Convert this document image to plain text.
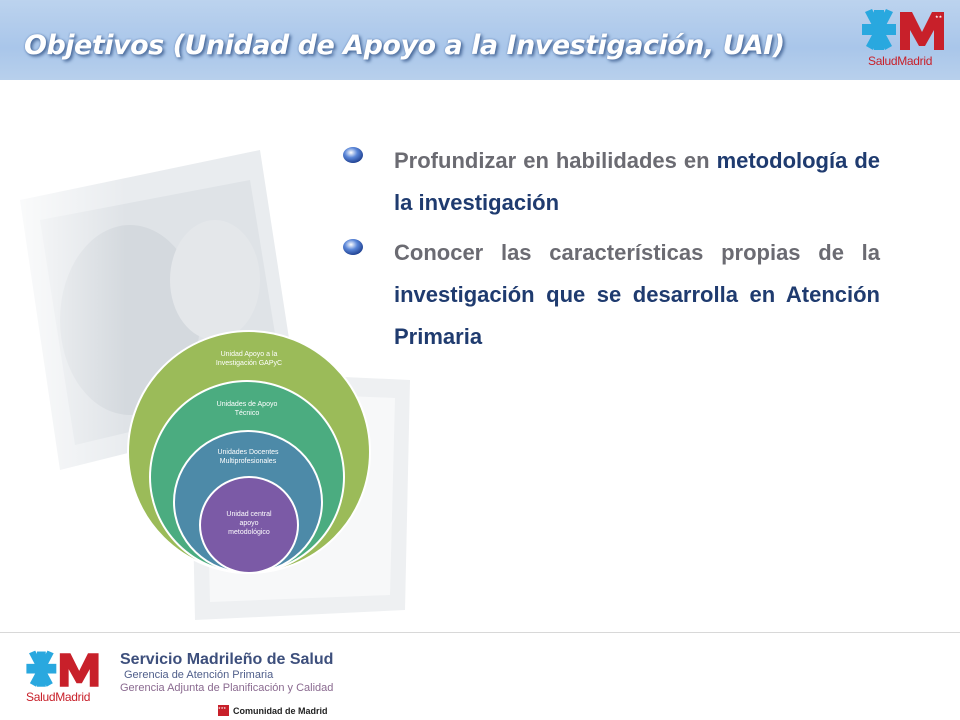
Objetivos (Unidad de Apoyo a la Investigación, UAI)
★★
SaludMadrid
Profundizar en habilidades en metodología de la investigación
Conocer las características propias de la investigación que se desarrolla en Atención Primaria
Unidad Apoyo a la Investigación GAPyC
Unidades de Apoyo Técnico
Unidades Docentes Multiprofesionales
Unidad central apoyo metodológico
SaludMadrid
Servicio Madrileño de Salud
Gerencia de Atención Primaria
Gerencia Adjunta de Planificación y Calidad
★★★
Comunidad de Madrid
